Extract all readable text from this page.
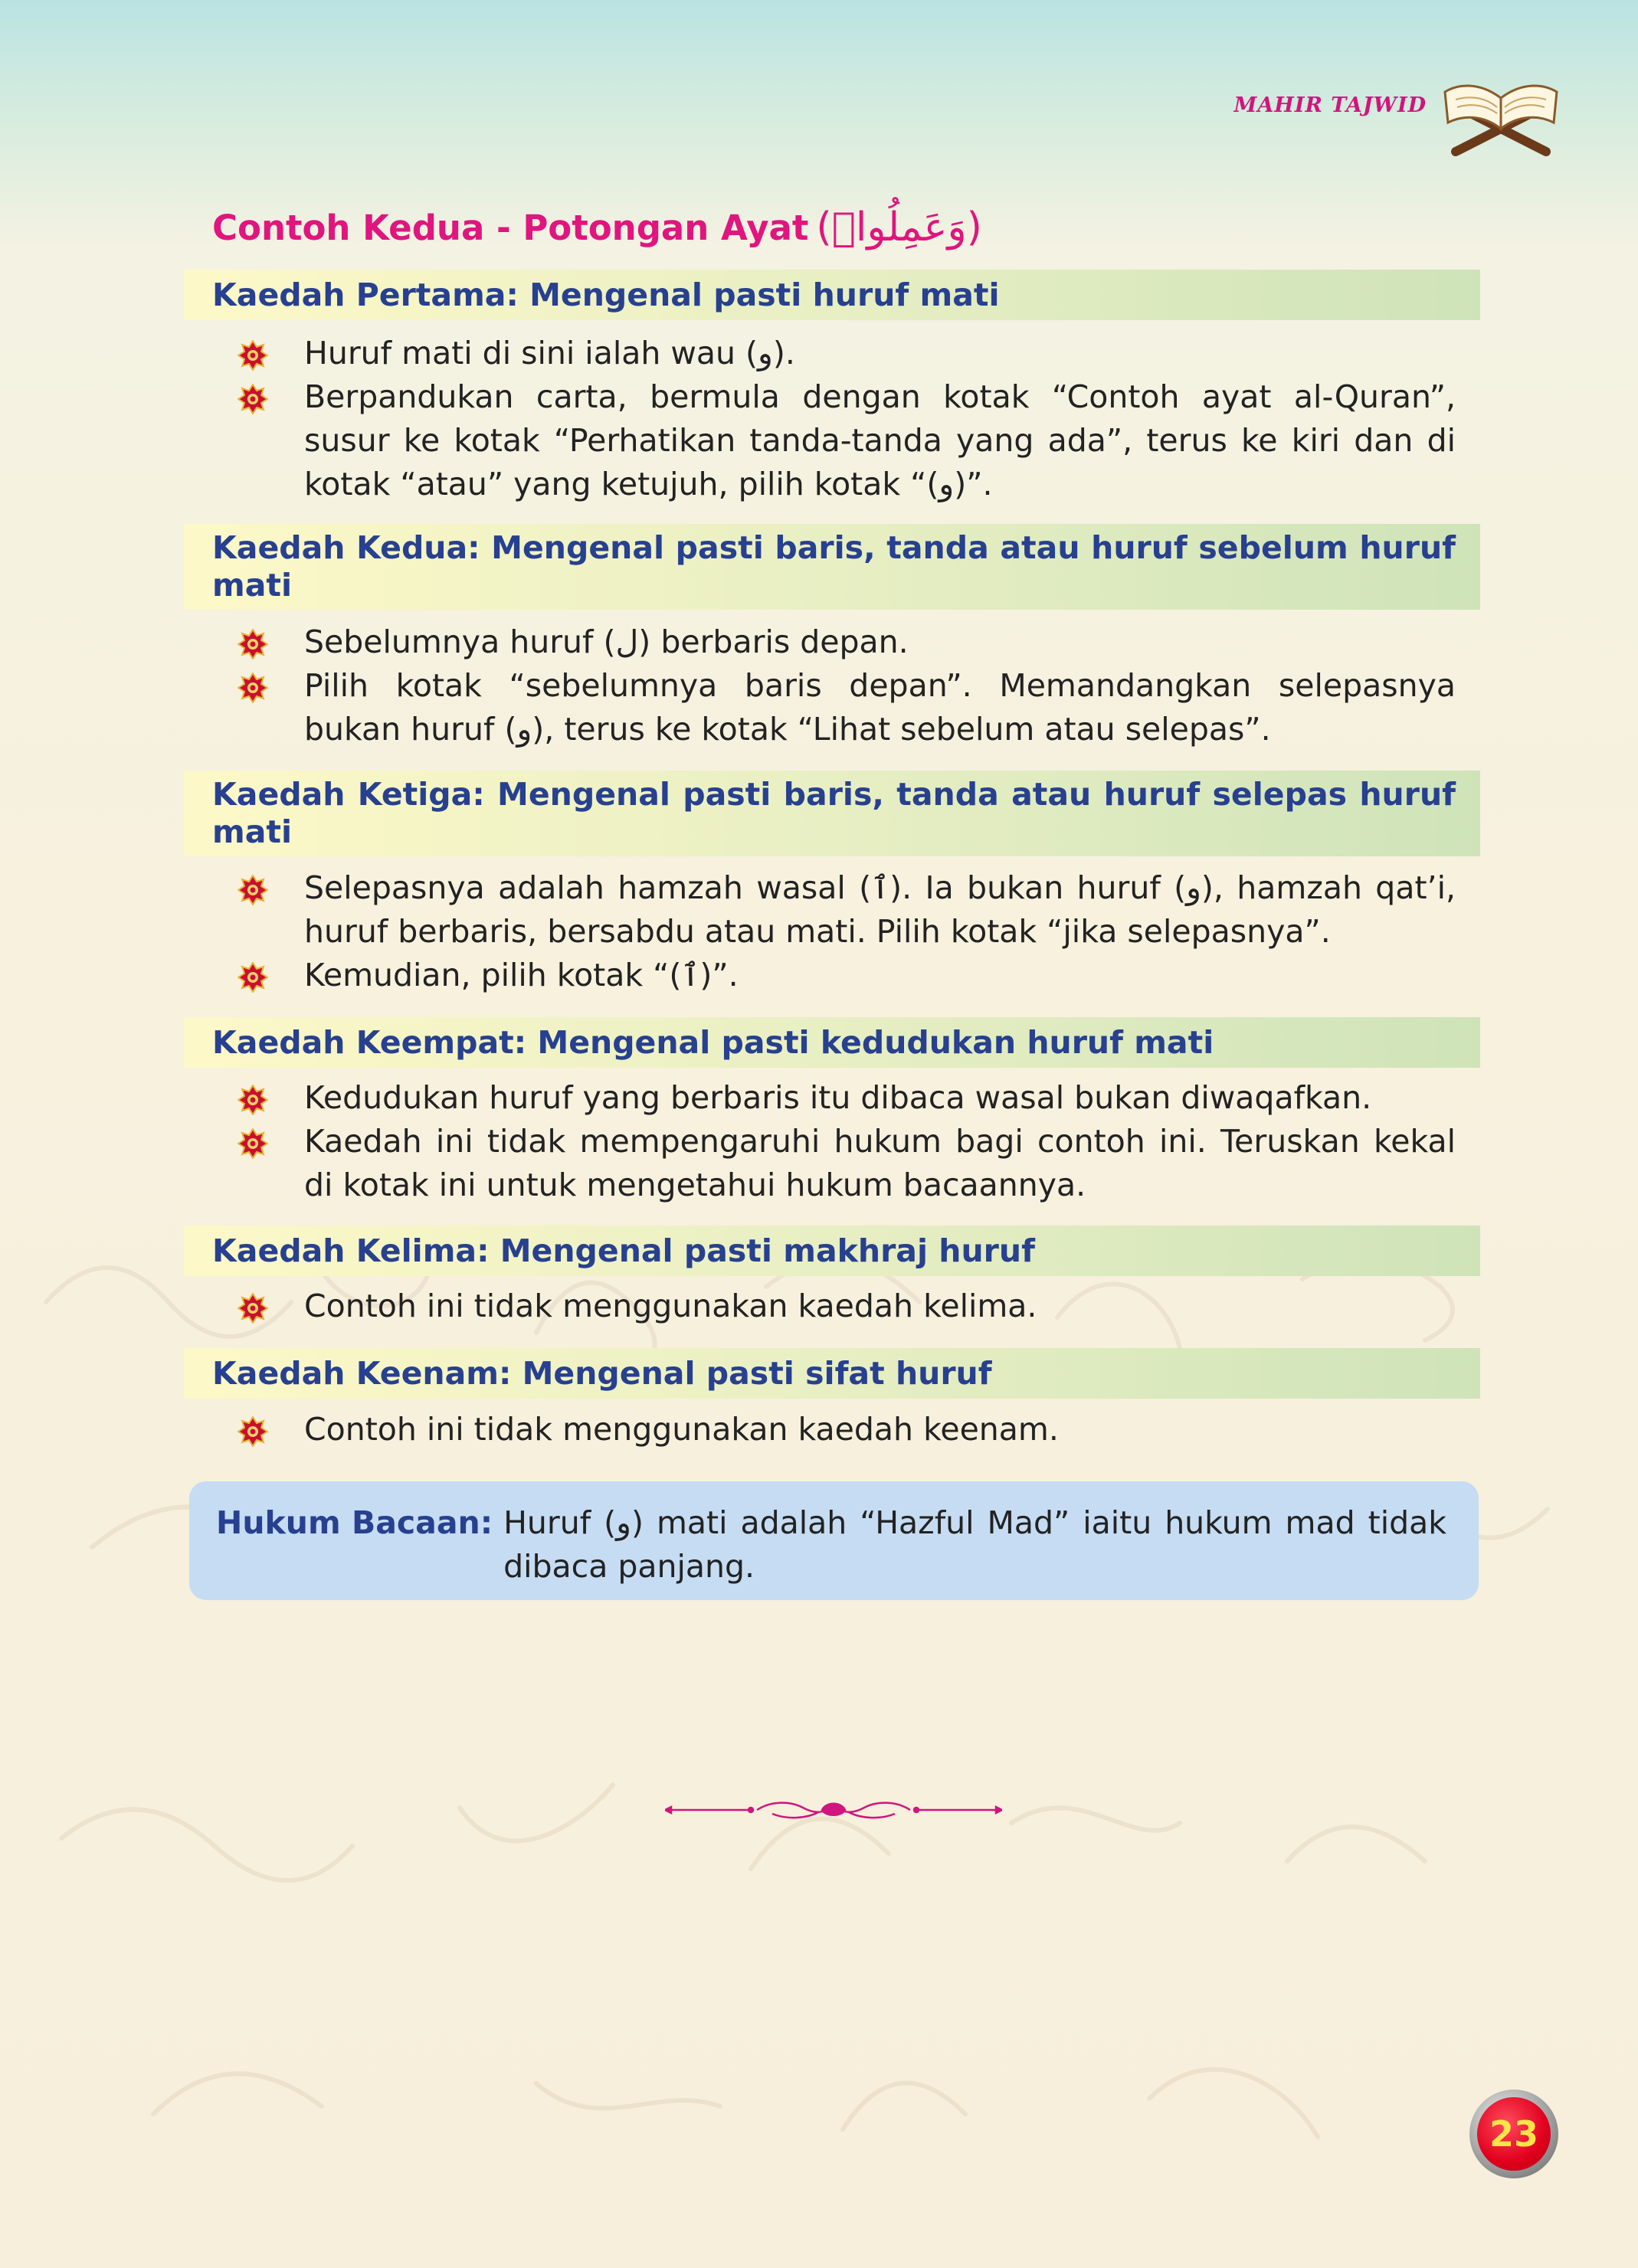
MAHIR TAJWID
Contoh Kedua - Potongan Ayat (وَعَمِلُوا۟)
Kaedah Pertama: Mengenal pasti huruf mati
Huruf mati di sini ialah wau (و).
Berpandukan carta, bermula dengan kotak “Contoh ayat al-Quran”, susur ke kotak “Perhatikan tanda-tanda yang ada”, terus ke kiri dan di kotak “atau” yang ketujuh, pilih kotak “(و)”.
Kaedah Kedua: Mengenal pasti baris, tanda atau huruf sebelum huruf mati
Sebelumnya huruf (ل) berbaris depan.
Pilih kotak “sebelumnya baris depan”. Memandangkan selepasnya bukan huruf (و), terus ke kotak “Lihat sebelum atau selepas”.
Kaedah Ketiga: Mengenal pasti baris, tanda atau huruf selepas huruf mati
Selepasnya adalah hamzah wasal (ٱ). Ia bukan huruf (و), hamzah qat’i, huruf berbaris, bersabdu atau mati. Pilih kotak “jika selepasnya”.
Kemudian, pilih kotak “(ٱ)”.
Kaedah Keempat: Mengenal pasti kedudukan huruf mati
Kedudukan huruf yang berbaris itu dibaca wasal bukan diwaqafkan.
Kaedah ini tidak mempengaruhi hukum bagi contoh ini. Teruskan kekal di kotak ini untuk mengetahui hukum bacaannya.
Kaedah Kelima: Mengenal pasti makhraj huruf
Contoh ini tidak menggunakan kaedah kelima.
Kaedah Keenam: Mengenal pasti sifat huruf
Contoh ini tidak menggunakan kaedah keenam.
Hukum Bacaan: Huruf (و) mati adalah “Hazful Mad” iaitu hukum mad tidak dibaca panjang.
23
